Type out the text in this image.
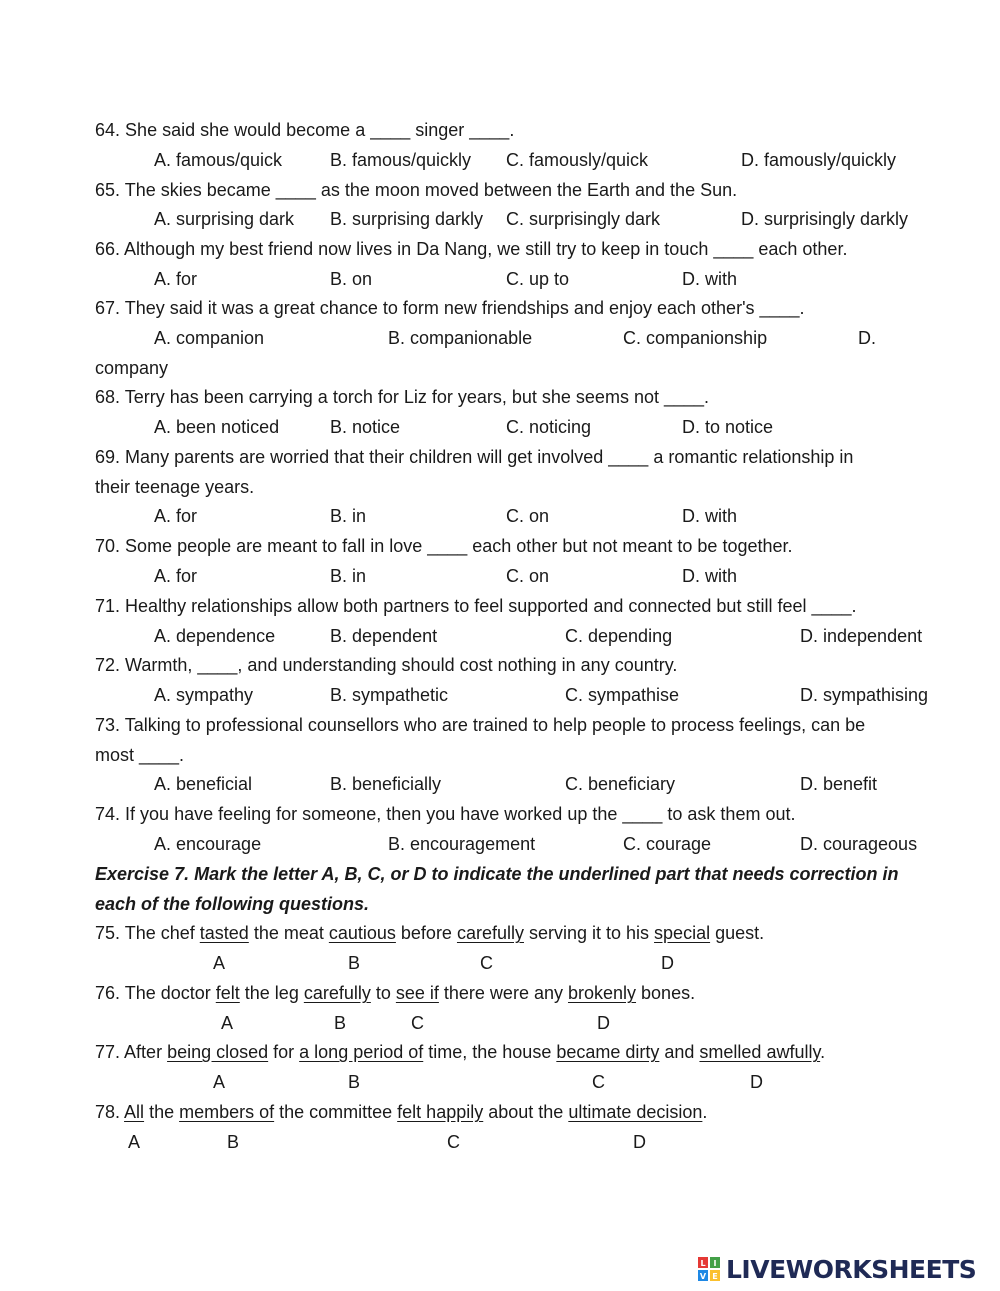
64. She said she would become a ____ singer ____.
A. famous/quick	B. famous/quickly C. famously/quick	D. famously/quickly
65. The skies became ____ as the moon moved between the Earth and the Sun.
A. surprising dark B. surprising darkly C. surprisingly dark	D. surprisingly darkly
66. Although my best friend now lives in Da Nang, we still try to keep in touch ____ each other.
A. for	B. on	C. up to	D. with
67. They said it was a great chance to form new friendships and enjoy each other's ____.
A. companion	B. companionable	C. companionship	D.
company
68. Terry has been carrying a torch for Liz for years, but she seems not ____.
A. been noticed	B. notice	C. noticing	D. to notice
69. Many parents are worried that their children will get involved ____ a romantic relationship in
their teenage years.
A. for	B. in	C. on	D. with
70. Some people are meant to fall in love ____ each other but not meant to be together.
A. for	B. in	C. on	D. with
71. Healthy relationships allow both partners to feel supported and connected but still feel ____.
A. dependence	B. dependent	C. depending	D. independent
72. Warmth, ____, and understanding should cost nothing in any country.
A. sympathy	B. sympathetic	C. sympathise	D. sympathising
73. Talking to professional counsellors who are trained to help people to process feelings, can be
most ____.
A. beneficial	B. beneficially	C. beneficiary	D. benefit
74. If you have feeling for someone, then you have worked up the ____ to ask them out.
A. encourage	B. encouragement	C. courage	D. courageous
Exercise 7. Mark the letter A, B, C, or D to indicate the underlined part that needs correction in
each of the following questions.
75. The chef tasted the meat cautious before carefully serving it to his special guest.
A	B	C	D
76. The doctor felt the leg carefully to see if there were any brokenly bones.
A	B	C	D
77. After being closed for a long period of time, the house became dirty and smelled awfully.
A	B	C	D
78. All the members of the committee felt happily about the ultimate decision.
A	B	C	D
L I
V E LIVEWORKSHEETS
